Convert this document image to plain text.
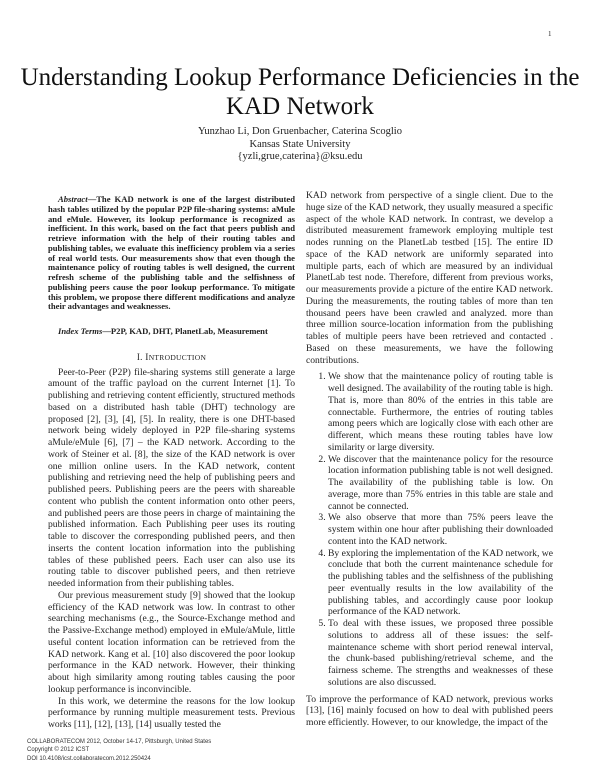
1
Understanding Lookup Performance Deficiencies in the KAD Network
Yunzhao Li, Don Gruenbacher, Caterina Scoglio
Kansas State University
{yzli,grue,caterina}@ksu.edu

Abstract—The KAD network is one of the largest distributed hash tables utilized by the popular P2P file-sharing systems: aMule and eMule. However, its lookup performance is recognized as inefficient. In this work, based on the fact that peers publish and retrieve information with the help of their routing tables and publishing tables, we evaluate this inefficiency problem via a series of real world tests. Our measurements show that even though the maintenance policy of routing tables is well designed, the current refresh scheme of the publishing table and the selfishness of publishing peers cause the poor lookup performance. To mitigate this problem, we propose there different modifications and analyze their advantages and weaknesses.

Index Terms—P2P, KAD, DHT, PlanetLab, Measurement

I. INTRODUCTION

Peer-to-Peer (P2P) file-sharing systems still generate a large amount of the traffic payload on the current Internet [1]. To publishing and retrieving content efficiently, structured methods based on a distributed hash table (DHT) technology are proposed [2], [3], [4], [5]. In reality, there is one DHT-based network being widely deployed in P2P file-sharing systems aMule/eMule [6], [7] – the KAD network. According to the work of Steiner et al. [8], the size of the KAD network is over one million online users. In the KAD network, content publishing and retrieving need the help of publishing peers and published peers. Publishing peers are the peers with shareable content who publish the content information onto other peers, and published peers are those peers in charge of maintaining the published information. Each Publishing peer uses its routing table to discover the corresponding published peers, and then inserts the content location information into the publishing tables of these published peers. Each user can also use its routing table to discover published peers, and then retrieve needed information from their publishing tables.

Our previous measurement study [9] showed that the lookup efficiency of the KAD network was low. In contrast to other searching mechanisms (e.g., the Source-Exchange method and the Passive-Exchange method) employed in eMule/aMule, little useful content location information can be retrieved from the KAD network. Kang et al. [10] also discovered the poor lookup performance in the KAD network. However, their thinking about high similarity among routing tables causing the poor lookup performance is inconvincible.

In this work, we determine the reasons for the low lookup performance by running multiple measurement tests. Previous works [11], [12], [13], [14] usually tested the

KAD network from perspective of a single client. Due to the huge size of the KAD network, they usually measured a specific aspect of the whole KAD network. In contrast, we develop a distributed measurement framework employing multiple test nodes running on the PlanetLab testbed [15]. The entire ID space of the KAD network are uniformly separated into multiple parts, each of which are measured by an individual PlanetLab test node. Therefore, different from previous works, our measurements provide a picture of the entire KAD network. During the measurements, the routing tables of more than ten thousand peers have been crawled and analyzed. more than three million source-location information from the publishing tables of multiple peers have been retrieved and contacted . Based on these measurements, we have the following contributions.

1. We show that the maintenance policy of routing table is well designed. The availability of the routing table is high. That is, more than 80% of the entries in this table are connectable. Furthermore, the entries of routing tables among peers which are logically close with each other are different, which means these routing tables have low similarity or large diversity.
2. We discover that the maintenance policy for the resource location information publishing table is not well designed. The availability of the publishing table is low. On average, more than 75% entries in this table are stale and cannot be connected.
3. We also observe that more than 75% peers leave the system within one hour after publishing their downloaded content into the KAD network.
4. By exploring the implementation of the KAD network, we conclude that both the current maintenance schedule for the publishing tables and the selfishness of the publishing peer eventually results in the low availability of the publishing tables, and accordingly cause poor lookup performance of the KAD network.
5. To deal with these issues, we proposed three possible solutions to address all of these issues: the self-maintenance scheme with short period renewal interval, the chunk-based publishing/retrieval scheme, and the fairness scheme. The strengths and weaknesses of these solutions are also discussed.

To improve the performance of KAD network, previous works [13], [16] mainly focused on how to deal with published peers more efficiently. However, to our knowledge, the impact of the

COLLABORATECOM 2012, October 14-17, Pittsburgh, United States
Copyright © 2012 ICST
DOI 10.4108/icst.collaboratecom.2012.250424
